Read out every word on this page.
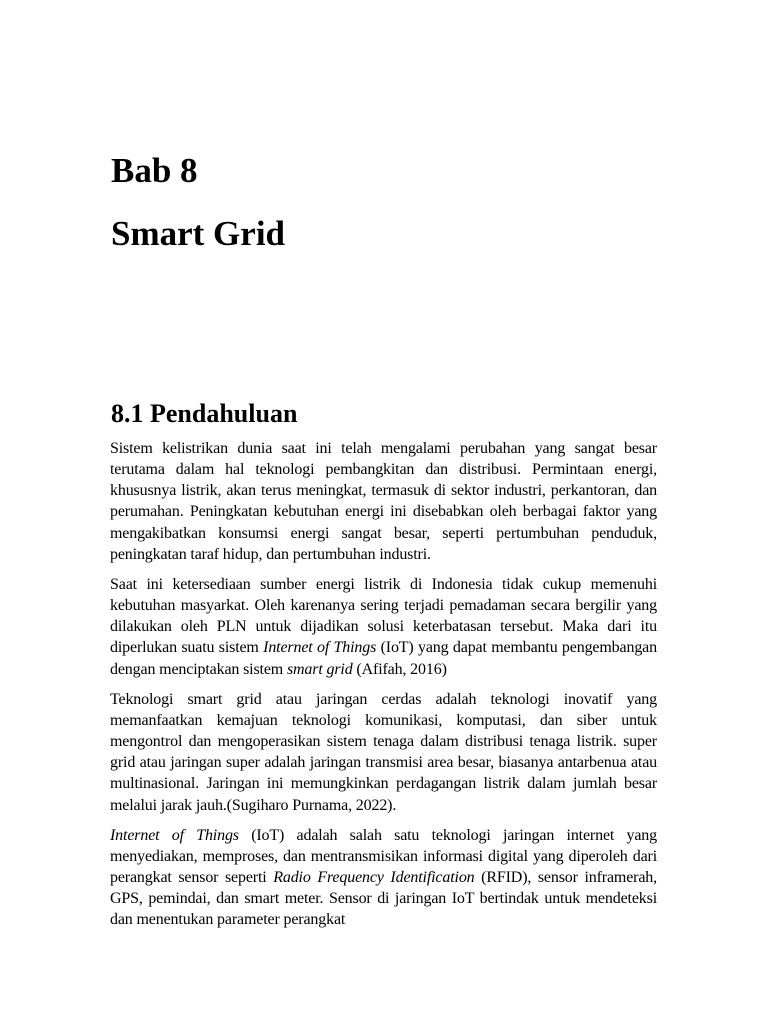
Bab 8
Smart Grid
8.1 Pendahuluan

Sistem kelistrikan dunia saat ini telah mengalami perubahan yang sangat besar terutama dalam hal teknologi pembangkitan dan distribusi. Permintaan energi, khususnya listrik, akan terus meningkat, termasuk di sektor industri, perkantoran, dan perumahan. Peningkatan kebutuhan energi ini disebabkan oleh berbagai faktor yang mengakibatkan konsumsi energi sangat besar, seperti pertumbuhan penduduk, peningkatan taraf hidup, dan pertumbuhan industri.

Saat ini ketersediaan sumber energi listrik di Indonesia tidak cukup memenuhi kebutuhan masyarkat. Oleh karenanya sering terjadi pemadaman secara bergilir yang dilakukan oleh PLN untuk dijadikan solusi keterbatasan tersebut. Maka dari itu diperlukan suatu sistem Internet of Things (IoT) yang dapat membantu pengembangan dengan menciptakan sistem smart grid (Afifah, 2016)

Teknologi smart grid atau jaringan cerdas adalah teknologi inovatif yang memanfaatkan kemajuan teknologi komunikasi, komputasi, dan siber untuk mengontrol dan mengoperasikan sistem tenaga dalam distribusi tenaga listrik. super grid atau jaringan super adalah jaringan transmisi area besar, biasanya antarbenua atau multinasional. Jaringan ini memungkinkan perdagangan listrik dalam jumlah besar melalui jarak jauh.(Sugiharo Purnama, 2022).

Internet of Things (IoT) adalah salah satu teknologi jaringan internet yang menyediakan, memproses, dan mentransmisikan informasi digital yang diperoleh dari perangkat sensor seperti Radio Frequency Identification (RFID), sensor inframerah, GPS, pemindai, dan smart meter. Sensor di jaringan IoT bertindak untuk mendeteksi dan menentukan parameter perangkat
